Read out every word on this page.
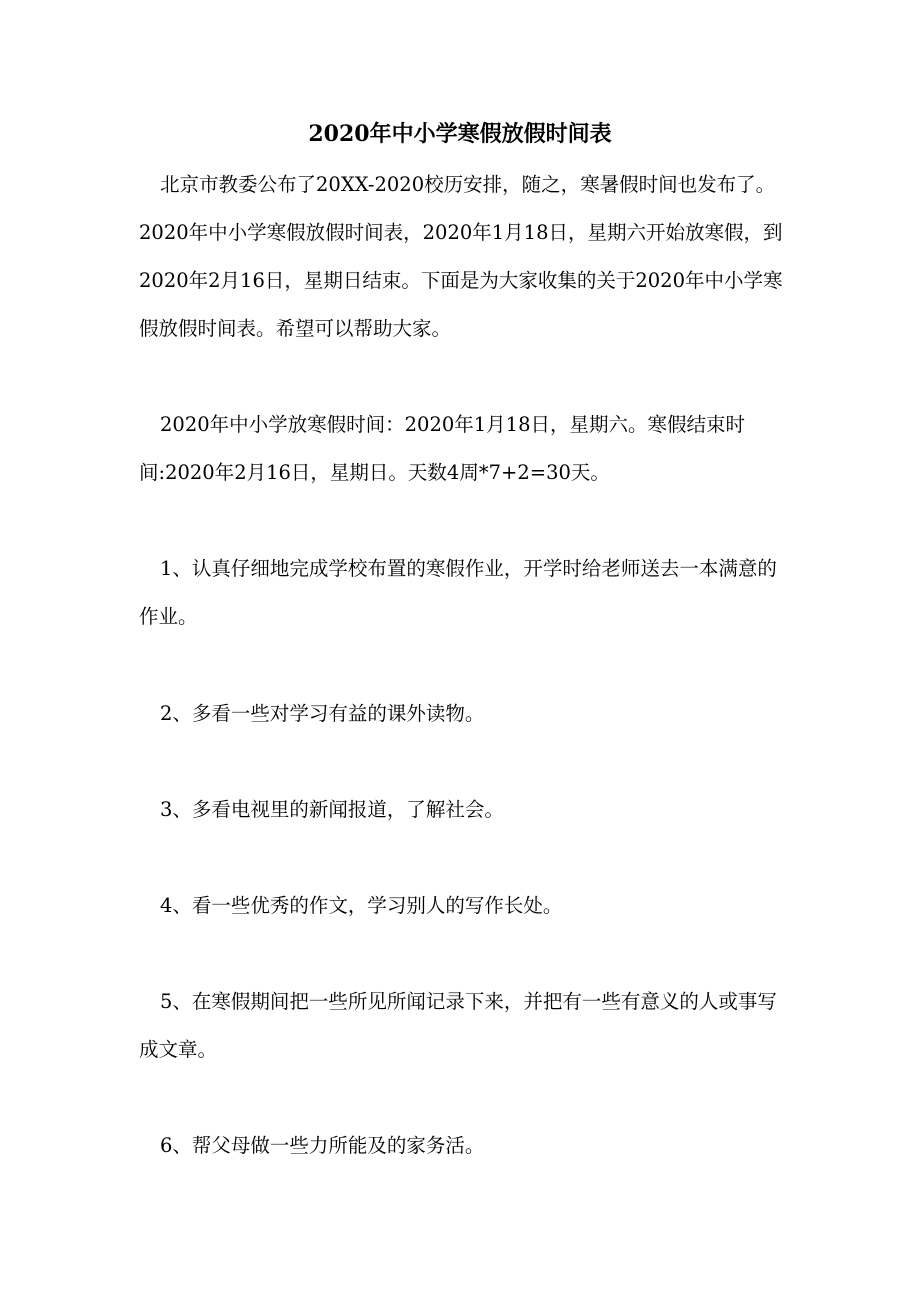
2020年中小学寒假放假时间表

北京市教委公布了20XX-2020校历安排，随之，寒暑假时间也发布了。2020年中小学寒假放假时间表，2020年1月18日，星期六开始放寒假，到2020年2月16日，星期日结束。下面是为大家收集的关于2020年中小学寒假放假时间表。希望可以帮助大家。

2020年中小学放寒假时间：2020年1月18日，星期六。寒假结束时间:2020年2月16日，星期日。天数4周*7+2=30天。

1、认真仔细地完成学校布置的寒假作业，开学时给老师送去一本满意的作业。

2、多看一些对学习有益的课外读物。

3、多看电视里的新闻报道，了解社会。

4、看一些优秀的作文，学习别人的写作长处。

5、在寒假期间把一些所见所闻记录下来，并把有一些有意义的人或事写成文章。

6、帮父母做一些力所能及的家务活。
